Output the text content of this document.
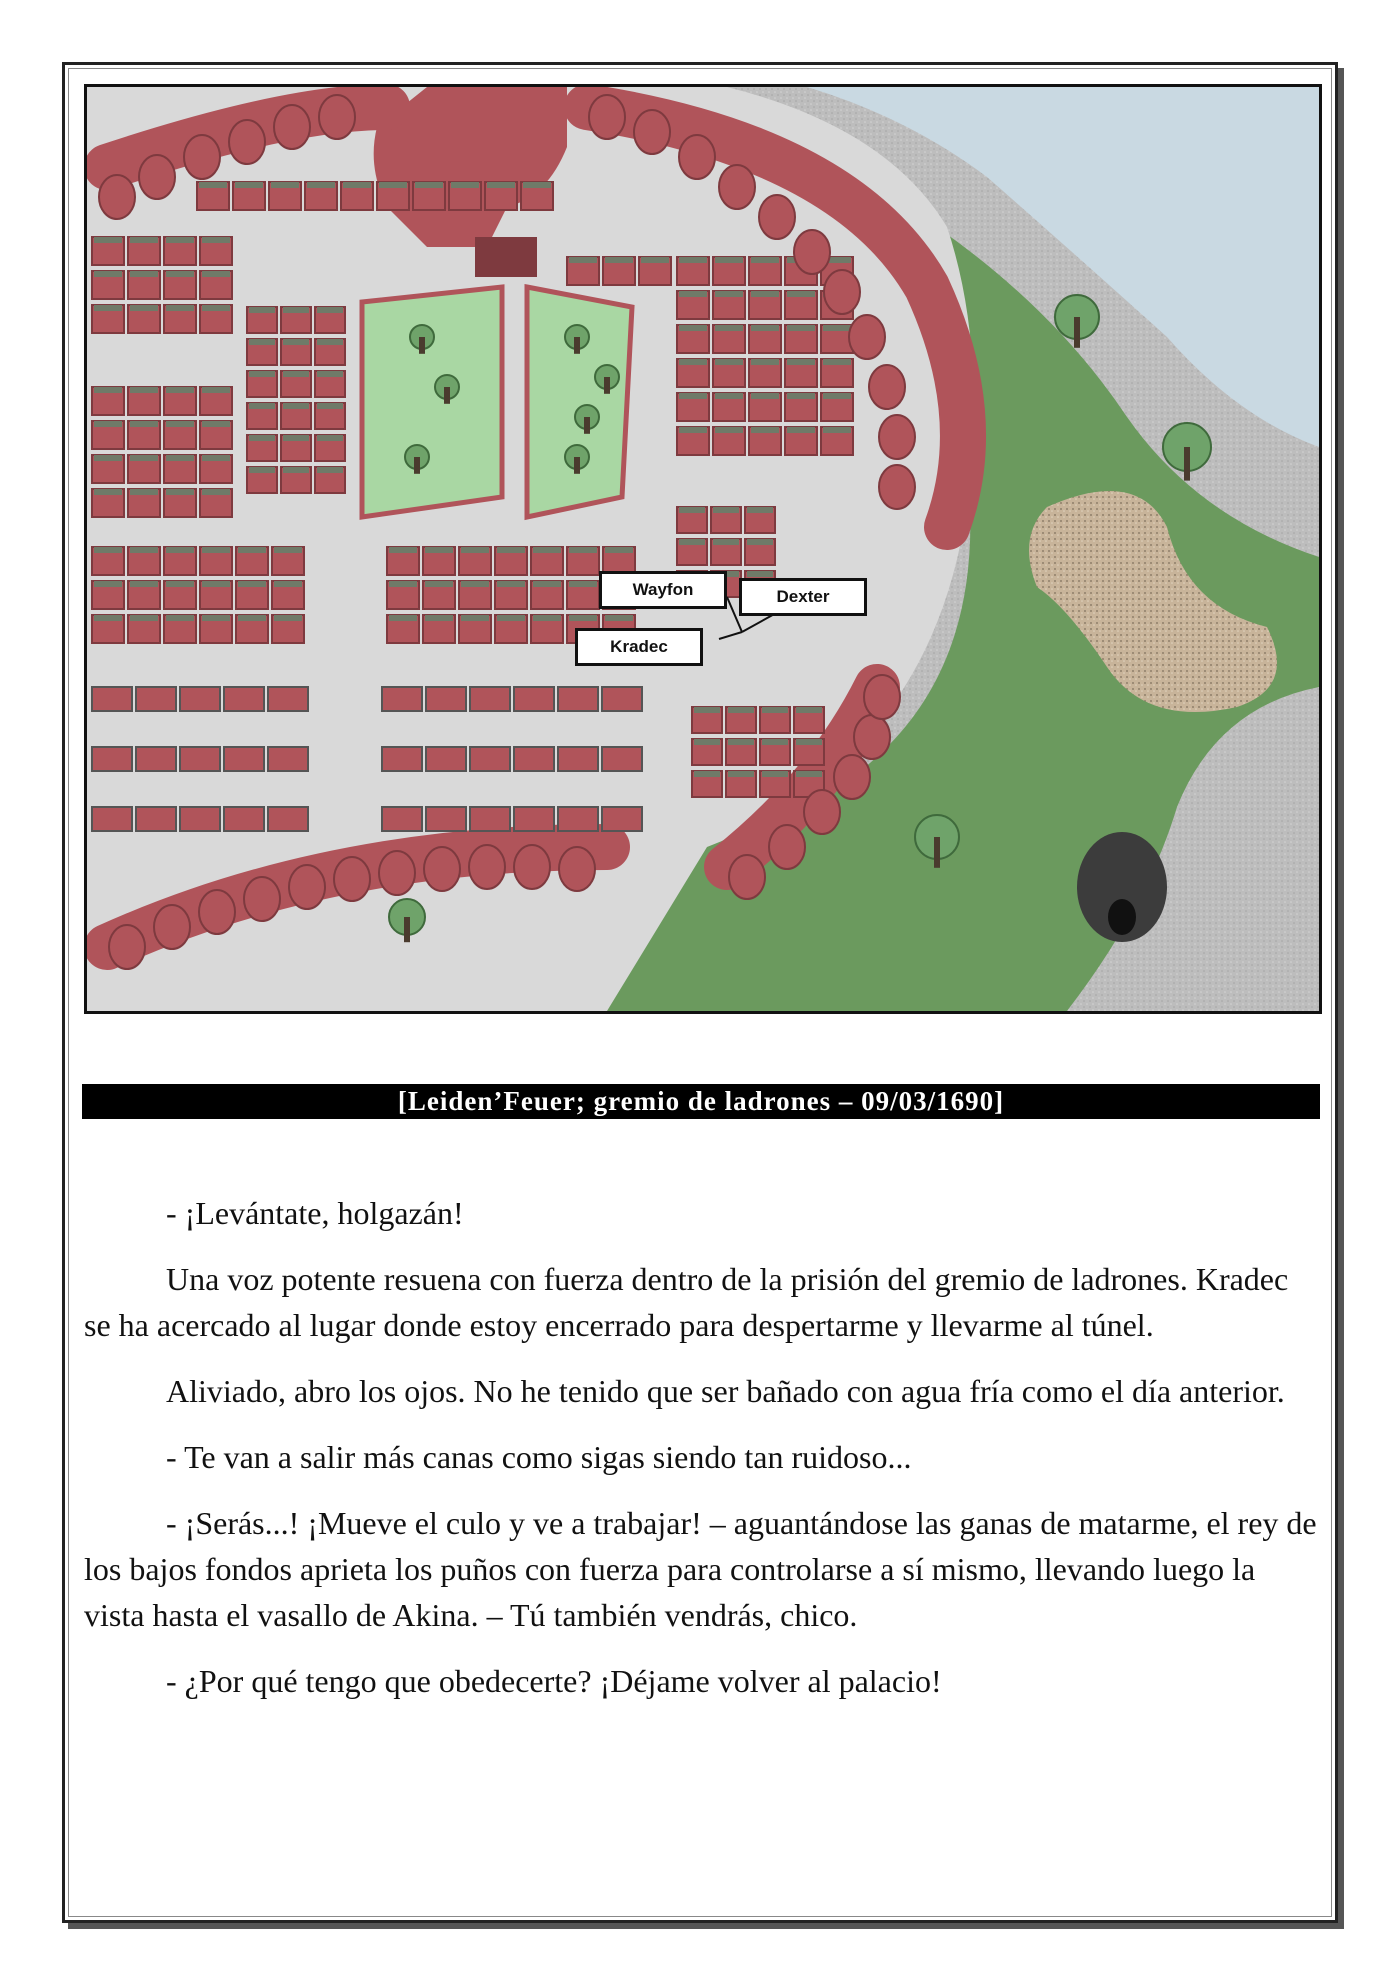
Wayfon	Dexter
Kradec
[Leiden’Feuer; gremio de ladrones – 09/03/1690]

- ¡Levántate, holgazán!

Una voz potente resuena con fuerza dentro de la prisión del gremio de ladrones. Kradec se ha acercado al lugar donde estoy encerrado para despertarme y llevarme al túnel.

Aliviado, abro los ojos. No he tenido que ser bañado con agua fría como el día anterior.

- Te van a salir más canas como sigas siendo tan ruidoso...

- ¡Serás...! ¡Mueve el culo y ve a trabajar! – aguantándose las ganas de matarme, el rey de los bajos fondos aprieta los puños con fuerza para controlarse a sí mismo, llevando luego la vista hasta el vasallo de Akina. – Tú también vendrás, chico.

- ¿Por qué tengo que obedecerte? ¡Déjame volver al palacio!
